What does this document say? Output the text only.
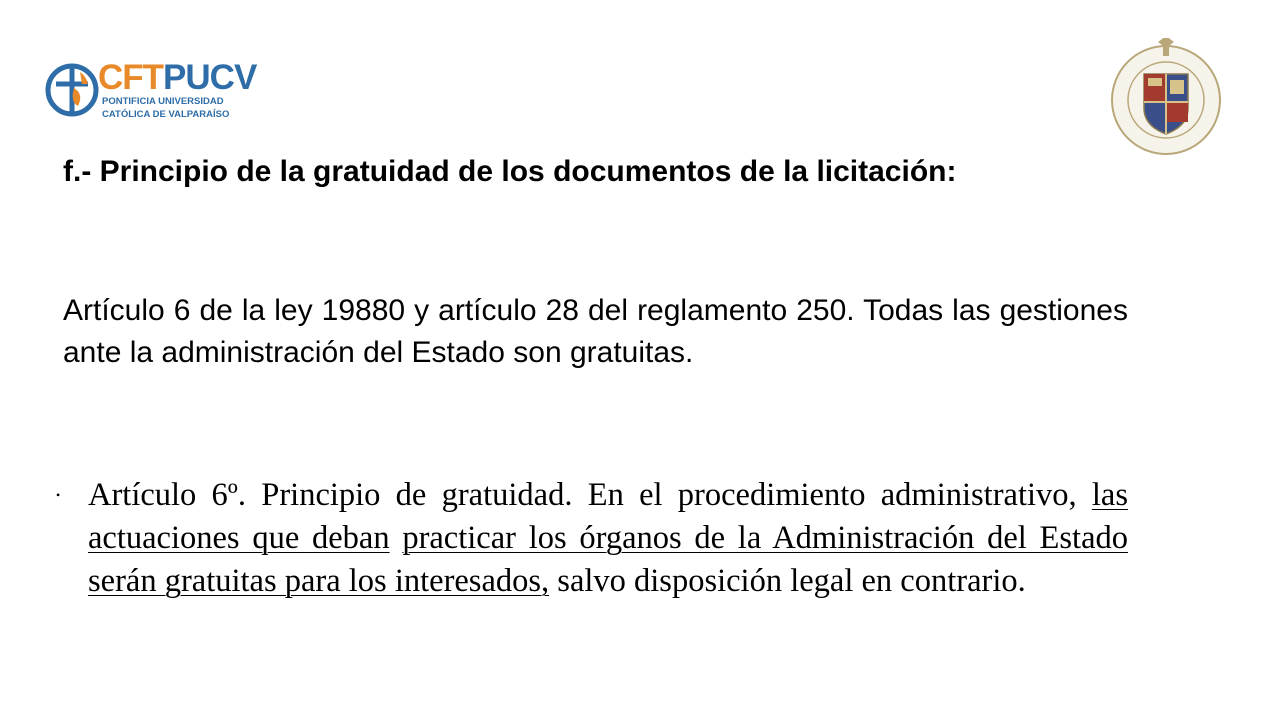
CFTPUCV
PONTIFICIA UNIVERSIDAD
CATÓLICA DE VALPARAÍSO
f.- Principio de la gratuidad de los documentos de la licitación:
Artículo 6 de la ley 19880 y artículo 28 del reglamento 250. Todas las gestiones ante la administración del Estado son gratuitas.
• Artículo 6º. Principio de gratuidad. En el procedimiento administrativo, las actuaciones que deban practicar los órganos de la Administración del Estado serán gratuitas para los interesados, salvo disposición legal en contrario.
